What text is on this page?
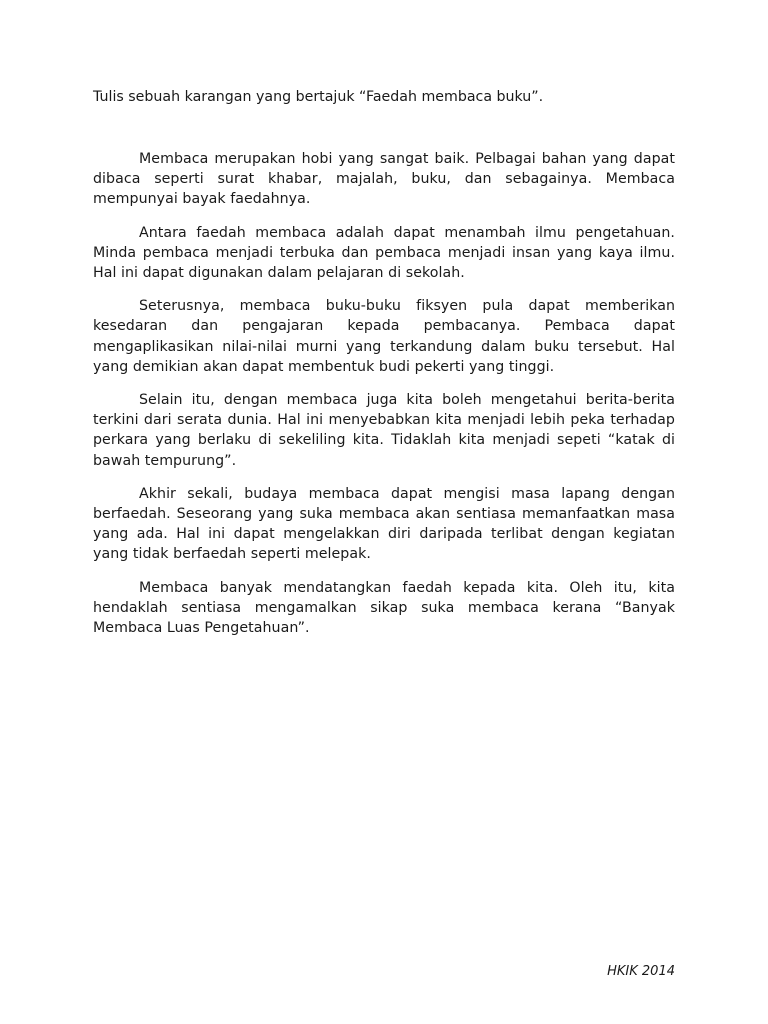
Tulis sebuah karangan yang bertajuk “Faedah membaca buku”.

Membaca merupakan hobi yang sangat baik. Pelbagai bahan yang dapat dibaca seperti surat khabar, majalah, buku, dan sebagainya. Membaca mempunyai bayak faedahnya.

Antara faedah membaca adalah dapat menambah ilmu pengetahuan. Minda pembaca menjadi terbuka dan pembaca menjadi insan yang kaya ilmu. Hal ini dapat digunakan dalam pelajaran di sekolah.

Seterusnya, membaca buku-buku fiksyen pula dapat memberikan kesedaran dan pengajaran kepada pembacanya. Pembaca dapat mengaplikasikan nilai-nilai murni yang terkandung dalam buku tersebut. Hal yang demikian akan dapat membentuk budi pekerti yang tinggi.

Selain itu, dengan membaca juga kita boleh mengetahui berita-berita terkini dari serata dunia. Hal ini menyebabkan kita menjadi lebih peka terhadap perkara yang berlaku di sekeliling kita. Tidaklah kita menjadi sepeti “katak di bawah tempurung”.

Akhir sekali, budaya membaca dapat mengisi masa lapang dengan berfaedah. Seseorang yang suka membaca akan sentiasa memanfaatkan masa yang ada. Hal ini dapat mengelakkan diri daripada terlibat dengan kegiatan yang tidak berfaedah seperti melepak.

Membaca banyak mendatangkan faedah kepada kita. Oleh itu, kita hendaklah sentiasa mengamalkan sikap suka membaca kerana “Banyak Membaca Luas Pengetahuan”.

HKIK 2014
